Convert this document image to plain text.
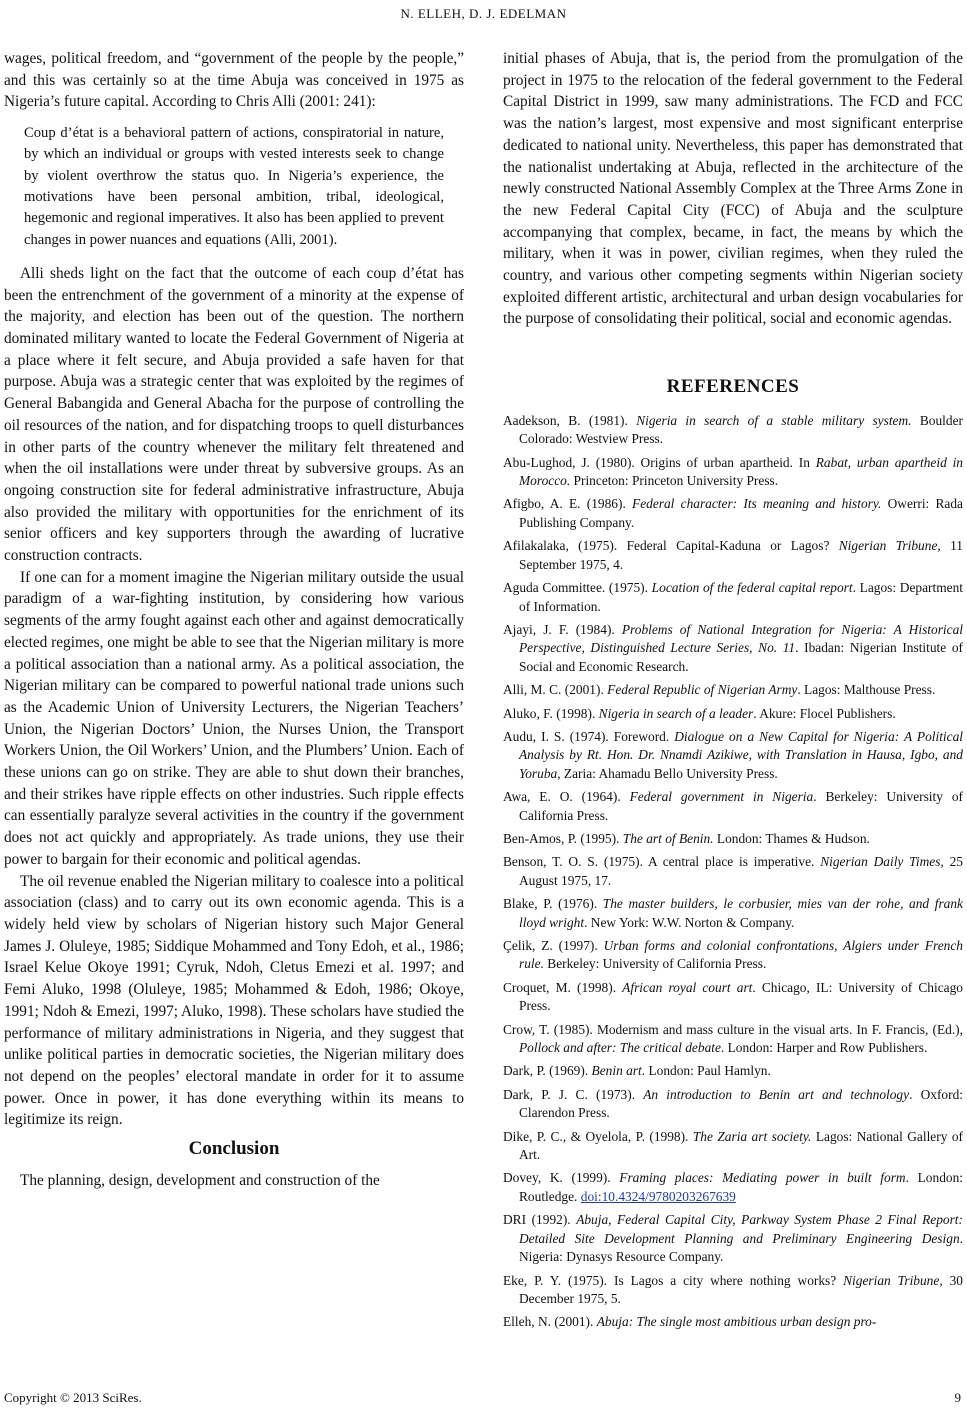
N. ELLEH, D. J. EDELMAN

wages, political freedom, and “government of the people by the people,” and this was certainly so at the time Abuja was conceived in 1975 as Nigeria’s future capital. According to Chris Alli (2001: 241):

Coup d’état is a behavioral pattern of actions, conspiratorial in nature, by which an individual or groups with vested interests seek to change by violent overthrow the status quo. In Nigeria’s experience, the motivations have been personal ambition, tribal, ideological, hegemonic and regional imperatives. It also has been applied to prevent changes in power nuances and equations (Alli, 2001).

Alli sheds light on the fact that the outcome of each coup d’état has been the entrenchment of the government of a minority at the expense of the majority, and election has been out of the question. The northern dominated military wanted to locate the Federal Government of Nigeria at a place where it felt secure, and Abuja provided a safe haven for that purpose. Abuja was a strategic center that was exploited by the regimes of General Babangida and General Abacha for the purpose of controlling the oil resources of the nation, and for dispatching troops to quell disturbances in other parts of the country whenever the military felt threatened and when the oil installations were under threat by subversive groups. As an ongoing construction site for federal administrative infrastructure, Abuja also provided the military with opportunities for the enrichment of its senior officers and key supporters through the awarding of lucrative construction contracts.

If one can for a moment imagine the Nigerian military outside the usual paradigm of a war-fighting institution, by considering how various segments of the army fought against each other and against democratically elected regimes, one might be able to see that the Nigerian military is more a political association than a national army. As a political association, the Nigerian military can be compared to powerful national trade unions such as the Academic Union of University Lecturers, the Nigerian Teachers’ Union, the Nigerian Doctors’ Union, the Nurses Union, the Transport Workers Union, the Oil Workers’ Union, and the Plumbers’ Union. Each of these unions can go on strike. They are able to shut down their branches, and their strikes have ripple effects on other industries. Such ripple effects can essentially paralyze several activities in the country if the government does not act quickly and appropriately. As trade unions, they use their power to bargain for their economic and political agendas.

The oil revenue enabled the Nigerian military to coalesce into a political association (class) and to carry out its own economic agenda. This is a widely held view by scholars of Nigerian history such Major General James J. Oluleye, 1985; Siddique Mohammed and Tony Edoh, et al., 1986; Israel Kelue Okoye 1991; Cyruk, Ndoh, Cletus Emezi et al. 1997; and Femi Aluko, 1998 (Oluleye, 1985; Mohammed & Edoh, 1986; Okoye, 1991; Ndoh & Emezi, 1997; Aluko, 1998). These scholars have studied the performance of military administrations in Nigeria, and they suggest that unlike political parties in democratic societies, the Nigerian military does not depend on the peoples’ electoral mandate in order for it to assume power. Once in power, it has done everything within its means to legitimize its reign.

Conclusion

The planning, design, development and construction of the

initial phases of Abuja, that is, the period from the promulgation of the project in 1975 to the relocation of the federal government to the Federal Capital District in 1999, saw many administrations. The FCD and FCC was the nation’s largest, most expensive and most significant enterprise dedicated to national unity. Nevertheless, this paper has demonstrated that the nationalist undertaking at Abuja, reflected in the architecture of the newly constructed National Assembly Complex at the Three Arms Zone in the new Federal Capital City (FCC) of Abuja and the sculpture accompanying that complex, became, in fact, the means by which the military, when it was in power, civilian regimes, when they ruled the country, and various other competing segments within Nigerian society exploited different artistic, architectural and urban design vocabularies for the purpose of consolidating their political, social and economic agendas.

REFERENCES
Aadekson, B. (1981). Nigeria in search of a stable military system. Boulder Colorado: Westview Press.
Abu-Lughod, J. (1980). Origins of urban apartheid. In Rabat, urban apartheid in Morocco. Princeton: Princeton University Press.
Afigbo, A. E. (1986). Federal character: Its meaning and history. Owerri: Rada Publishing Company.
Afilakalaka, (1975). Federal Capital-Kaduna or Lagos? Nigerian Tribune, 11 September 1975, 4.
Aguda Committee. (1975). Location of the federal capital report. Lagos: Department of Information.
Ajayi, J. F. (1984). Problems of National Integration for Nigeria: A Historical Perspective, Distinguished Lecture Series, No. 11. Ibadan: Nigerian Institute of Social and Economic Research.
Alli, M. C. (2001). Federal Republic of Nigerian Army. Lagos: Malthouse Press.
Aluko, F. (1998). Nigeria in search of a leader. Akure: Flocel Publishers.
Audu, I. S. (1974). Foreword. Dialogue on a New Capital for Nigeria: A Political Analysis by Rt. Hon. Dr. Nnamdi Azikiwe, with Translation in Hausa, Igbo, and Yoruba, Zaria: Ahamadu Bello University Press.
Awa, E. O. (1964). Federal government in Nigeria. Berkeley: University of California Press.
Ben-Amos, P. (1995). The art of Benin. London: Thames & Hudson.
Benson, T. O. S. (1975). A central place is imperative. Nigerian Daily Times, 25 August 1975, 17.
Blake, P. (1976). The master builders, le corbusier, mies van der rohe, and frank lloyd wright. New York: W.W. Norton & Company.
Çelik, Z. (1997). Urban forms and colonial confrontations, Algiers under French rule. Berkeley: University of California Press.
Croquet, M. (1998). African royal court art. Chicago, IL: University of Chicago Press.
Crow, T. (1985). Modernism and mass culture in the visual arts. In F. Francis, (Ed.), Pollock and after: The critical debate. London: Harper and Row Publishers.
Dark, P. (1969). Benin art. London: Paul Hamlyn.
Dark, P. J. C. (1973). An introduction to Benin art and technology. Oxford: Clarendon Press.
Dike, P. C., & Oyelola, P. (1998). The Zaria art society. Lagos: National Gallery of Art.
Dovey, K. (1999). Framing places: Mediating power in built form. London: Routledge. doi:10.4324/9780203267639
DRI (1992). Abuja, Federal Capital City, Parkway System Phase 2 Final Report: Detailed Site Development Planning and Preliminary Engineering Design. Nigeria: Dynasys Resource Company.
Eke, P. Y. (1975). Is Lagos a city where nothing works? Nigerian Tribune, 30 December 1975, 5.
Elleh, N. (2001). Abuja: The single most ambitious urban design pro-
Copyright © 2013 SciRes.	9
